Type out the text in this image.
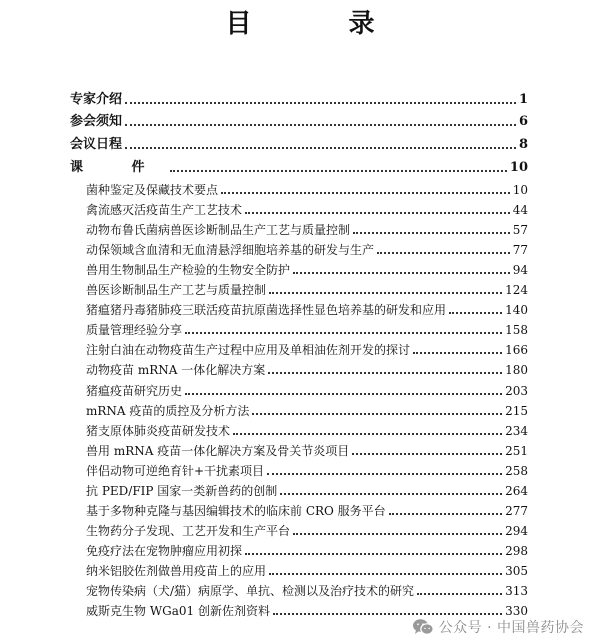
目 录
专家介绍	1
参会须知	6
会议日程	8
课 件	10
菌种鉴定及保藏技术要点	10
禽流感灭活疫苗生产工艺技术	44
动物布鲁氏菌病兽医诊断制品生产工艺与质量控制	57
动保领域含血清和无血清悬浮细胞培养基的研发与生产	77
兽用生物制品生产检验的生物安全防护	94
兽医诊断制品生产工艺与质量控制	124
猪瘟猪丹毒猪肺疫三联活疫苗抗原菌选择性显色培养基的研发和应用	140
质量管理经验分享	158
注射白油在动物疫苗生产过程中应用及单相油佐剂开发的探讨	166
动物疫苗 mRNA 一体化解决方案	180
猪瘟疫苗研究历史	203
mRNA 疫苗的质控及分析方法	215
猪支原体肺炎疫苗研发技术	234
兽用 mRNA 疫苗一体化解决方案及骨关节炎项目	251
伴侣动物可逆绝育针+干扰素项目	258
抗 PED/FIP 国家一类新兽药的创制	264
基于多物种克隆与基因编辑技术的临床前 CRO 服务平台	277
生物药分子发现、工艺开发和生产平台	294
免疫疗法在宠物肿瘤应用初探	298
纳米铝胶佐剂做兽用疫苗上的应用	305
宠物传染病（犬/猫）病原学、单抗、检测以及治疗技术的研究	313
威斯克生物 WGa01 创新佐剂资料	330
公众号 · 中国兽药协会
